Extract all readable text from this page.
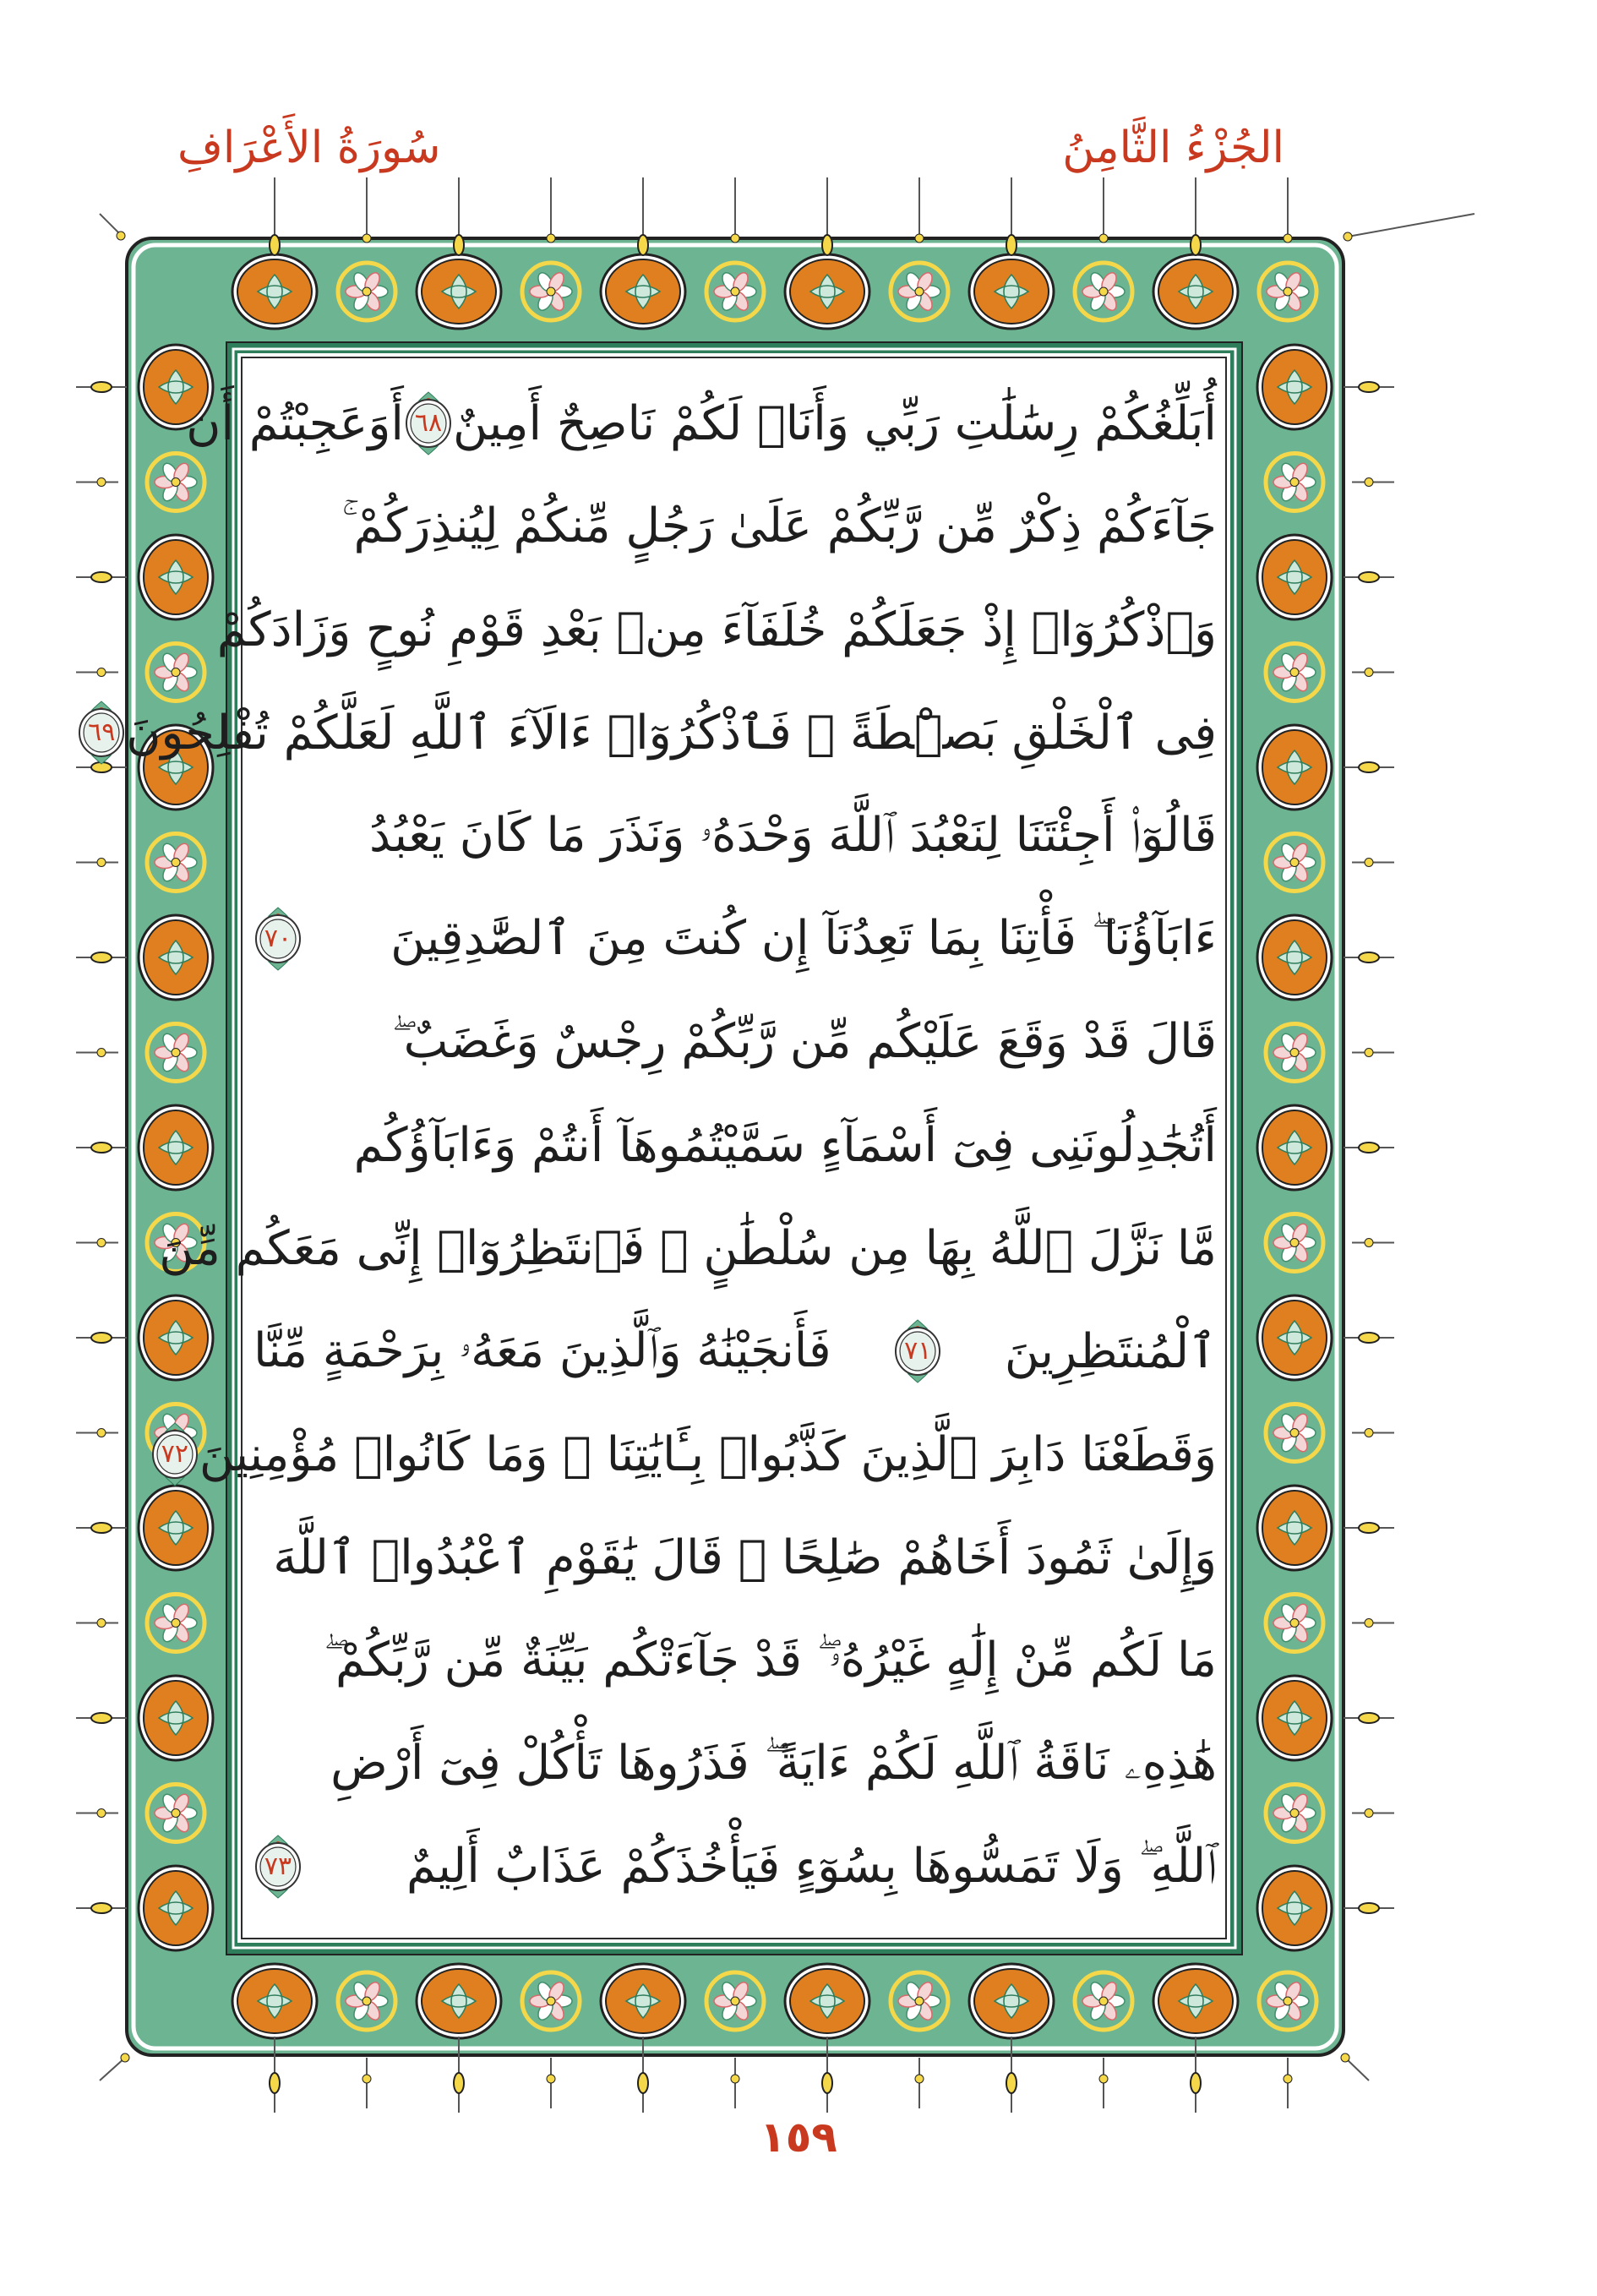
الجُزْءُ الثَّامِنُ
سُورَةُ الأَعْرَافِ
أُبَلِّغُكُمْ رِسَٰلَٰتِ رَبِّي وَأَنَا۠ لَكُمْ نَاصِحٌ أَمِينٌ
٦٨
أَوَعَجِبْتُمْ أَن
جَآءَكُمْ ذِكْرٌ مِّن رَّبِّكُمْ عَلَىٰ رَجُلٍ مِّنكُمْ لِيُنذِرَكُمْ ۚ
وَٱذْكُرُوٓا۟ إِذْ جَعَلَكُمْ خُلَفَآءَ مِنۢ بَعْدِ قَوْمِ نُوحٍ وَزَادَكُمْ
فِى ٱلْخَلْقِ بَصْۜطَةً ۖ فَٱذْكُرُوٓا۟ ءَالَآءَ ٱللَّهِ لَعَلَّكُمْ تُفْلِحُونَ
٦٩
قَالُوٓا۟ أَجِئْتَنَا لِنَعْبُدَ ٱللَّهَ وَحْدَهُۥ وَنَذَرَ مَا كَانَ يَعْبُدُ
ءَابَآؤُنَا ۖ فَأْتِنَا بِمَا تَعِدُنَآ إِن كُنتَ مِنَ ٱلصَّٰدِقِينَ
٧٠
قَالَ قَدْ وَقَعَ عَلَيْكُم مِّن رَّبِّكُمْ رِجْسٌ وَغَضَبٌ ۖ
أَتُجَٰدِلُونَنِى فِىٓ أَسْمَآءٍ سَمَّيْتُمُوهَآ أَنتُمْ وَءَابَآؤُكُم
مَّا نَزَّلَ ٱللَّهُ بِهَا مِن سُلْطَٰنٍ ۚ فَٱنتَظِرُوٓا۟ إِنِّى مَعَكُم مِّنَ
ٱلْمُنتَظِرِينَ
٧١
فَأَنجَيْنَٰهُ وَٱلَّذِينَ مَعَهُۥ بِرَحْمَةٍ مِّنَّا
وَقَطَعْنَا دَابِرَ ٱلَّذِينَ كَذَّبُوا۟ بِـَٔايَٰتِنَا ۖ وَمَا كَانُوا۟ مُؤْمِنِينَ
٧٢
وَإِلَىٰ ثَمُودَ أَخَاهُمْ صَٰلِحًا ۗ قَالَ يَٰقَوْمِ ٱعْبُدُوا۟ ٱللَّهَ
مَا لَكُم مِّنْ إِلَٰهٍ غَيْرُهُۥ ۖ قَدْ جَآءَتْكُم بَيِّنَةٌ مِّن رَّبِّكُمْ ۖ
هَٰذِهِۦ نَاقَةُ ٱللَّهِ لَكُمْ ءَايَةً ۖ فَذَرُوهَا تَأْكُلْ فِىٓ أَرْضِ
ٱللَّهِ ۖ وَلَا تَمَسُّوهَا بِسُوٓءٍ فَيَأْخُذَكُمْ عَذَابٌ أَلِيمٌ
٧٣
١٥٩
